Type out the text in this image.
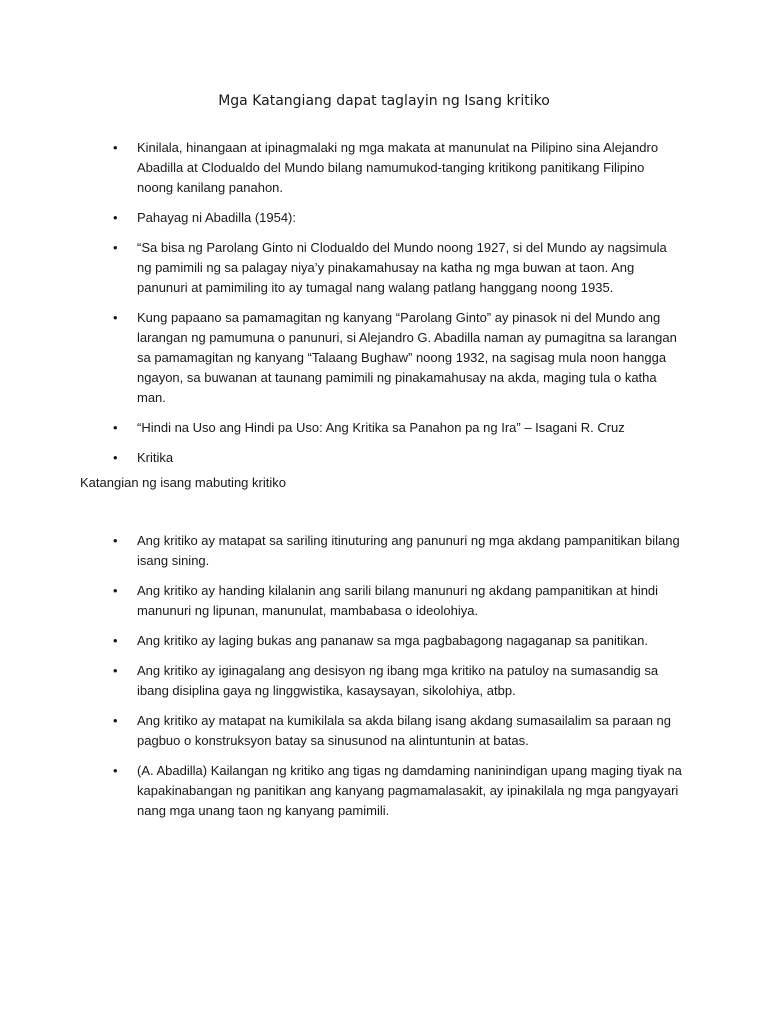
Mga Katangiang dapat taglayin ng Isang kritiko
• Kinilala, hinangaan at ipinagmalaki ng mga makata at manunulat na Pilipino sina Alejandro Abadilla at Clodualdo del Mundo bilang namumukod-tanging kritikong panitikang Filipino noong kanilang panahon.
• Pahayag ni Abadilla (1954):
• “Sa bisa ng Parolang Ginto ni Clodualdo del Mundo noong 1927, si del Mundo ay nagsimula ng pamimili ng sa palagay niya’y pinakamahusay na katha ng mga buwan at taon. Ang panunuri at pamimiling ito ay tumagal nang walang patlang hanggang noong 1935.
• Kung papaano sa pamamagitan ng kanyang “Parolang Ginto” ay pinasok ni del Mundo ang larangan ng pamumuna o panunuri, si Alejandro G. Abadilla naman ay pumagitna sa larangan sa pamamagitan ng kanyang “Talaang Bughaw” noong 1932, na sagisag mula noon hangga ngayon, sa buwanan at taunang pamimili ng pinakamahusay na akda, maging tula o katha man.
• “Hindi na Uso ang Hindi pa Uso: Ang Kritika sa Panahon pa ng Ira” – Isagani R. Cruz
• Kritika
Katangian ng isang mabuting kritiko
• Ang kritiko ay matapat sa sariling itinuturing ang panunuri ng mga akdang pampanitikan bilang isang sining.
• Ang kritiko ay handing kilalanin ang sarili bilang manunuri ng akdang pampanitikan at hindi manunuri ng lipunan, manunulat, mambabasa o ideolohiya.
• Ang kritiko ay laging bukas ang pananaw sa mga pagbabagong nagaganap sa panitikan.
• Ang kritiko ay iginagalang ang desisyon ng ibang mga kritiko na patuloy na sumasandig sa ibang disiplina gaya ng linggwistika, kasaysayan, sikolohiya, atbp.
• Ang kritiko ay matapat na kumikilala sa akda bilang isang akdang sumasailalim sa paraan ng pagbuo o konstruksyon batay sa sinusunod na alintuntunin at batas.
• (A. Abadilla) Kailangan ng kritiko ang tigas ng damdaming naninindigan upang maging tiyak na kapakinabangan ng panitikan ang kanyang pagmamalasakit, ay ipinakilala ng mga pangyayari nang mga unang taon ng kanyang pamimili.
